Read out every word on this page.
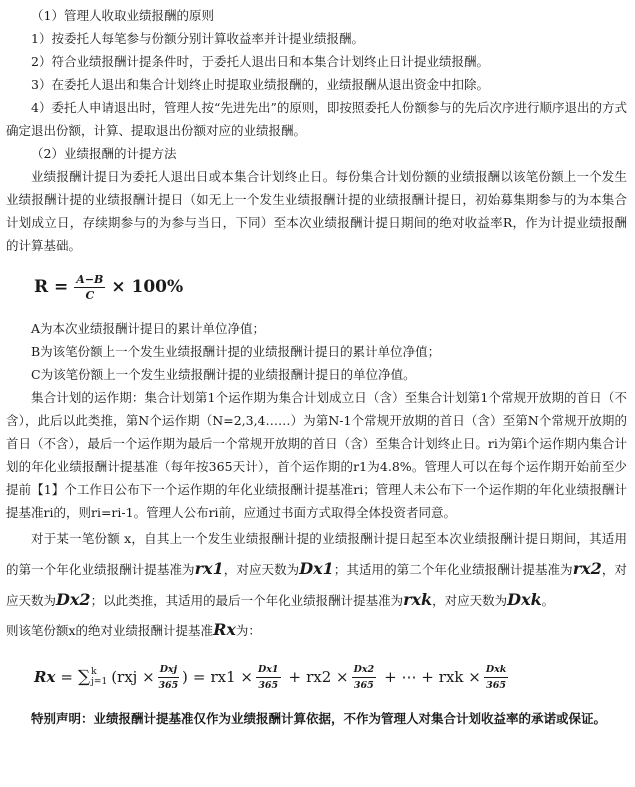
（1）管理人收取业绩报酬的原则

1）按委托人每笔参与份额分别计算收益率并计提业绩报酬。

2）符合业绩报酬计提条件时，于委托人退出日和本集合计划终止日计提业绩报酬。

3）在委托人退出和集合计划终止时提取业绩报酬的，业绩报酬从退出资金中扣除。

4）委托人申请退出时，管理人按“先进先出”的原则，即按照委托人份额参与的先后次序进行顺序退出的方式确定退出份额，计算、提取退出份额对应的业绩报酬。

（2）业绩报酬的计提方法

业绩报酬计提日为委托人退出日或本集合计划终止日。每份集合计划份额的业绩报酬以该笔份额上一个发生业绩报酬计提的业绩报酬计提日（如无上一个发生业绩报酬计提的业绩报酬计提日，初始募集期参与的为本集合计划成立日，存续期参与的为参与当日，下同）至本次业绩报酬计提日期间的绝对收益率R，作为计提业绩报酬的计算基础。

$R = \frac{A-B}{C} \times 100\%$

A为本次业绩报酬计提日的累计单位净值；

B为该笔份额上一个发生业绩报酬计提的业绩报酬计提日的累计单位净值；

C为该笔份额上一个发生业绩报酬计提的业绩报酬计提日的单位净值。

集合计划的运作期：集合计划第1个运作期为集合计划成立日（含）至集合计划第1个常规开放期的首日（不含），此后以此类推，第N个运作期（N=2,3,4……）为第N-1个常规开放期的首日（含）至第N个常规开放期的首日（不含），最后一个运作期为最后一个常规开放期的首日（含）至集合计划终止日。ri为第i个运作期内集合计划的年化业绩报酬计提基准（每年按365天计），首个运作期的r1为4.8%。管理人可以在每个运作期开始前至少提前【1】个工作日公布下一个运作期的年化业绩报酬计提基准ri；管理人未公布下一个运作期的年化业绩报酬计提基准ri的，则ri=ri-1。管理人公布ri前，应通过书面方式取得全体投资者同意。

对于某一笔份额 x，自其上一个发生业绩报酬计提的业绩报酬计提日起至本次业绩报酬计提日期间，其适用的第一个年化业绩报酬计提基准为rx1，对应天数为Dx1；其适用的第二个年化业绩报酬计提基准为rx2，对应天数为Dx2；以此类推，其适用的最后一个年化业绩报酬计提基准为rxk，对应天数为Dxk。

则该笔份额x的绝对业绩报酬计提基准Rx为：

Rx = ∑ k
j=1 ($rxj \times \frac{\text{Dxj}}{365}$ ) = $rx1 \times \frac{Dx1}{365} + rx2 \times \frac{Dx2}{365}$ + ⋯ + rxk × $\frac{\text{Dxk}}{365}$

特别声明：业绩报酬计提基准仅作为业绩报酬计算依据，不作为管理人对集合计划收益率的承诺或保证。
